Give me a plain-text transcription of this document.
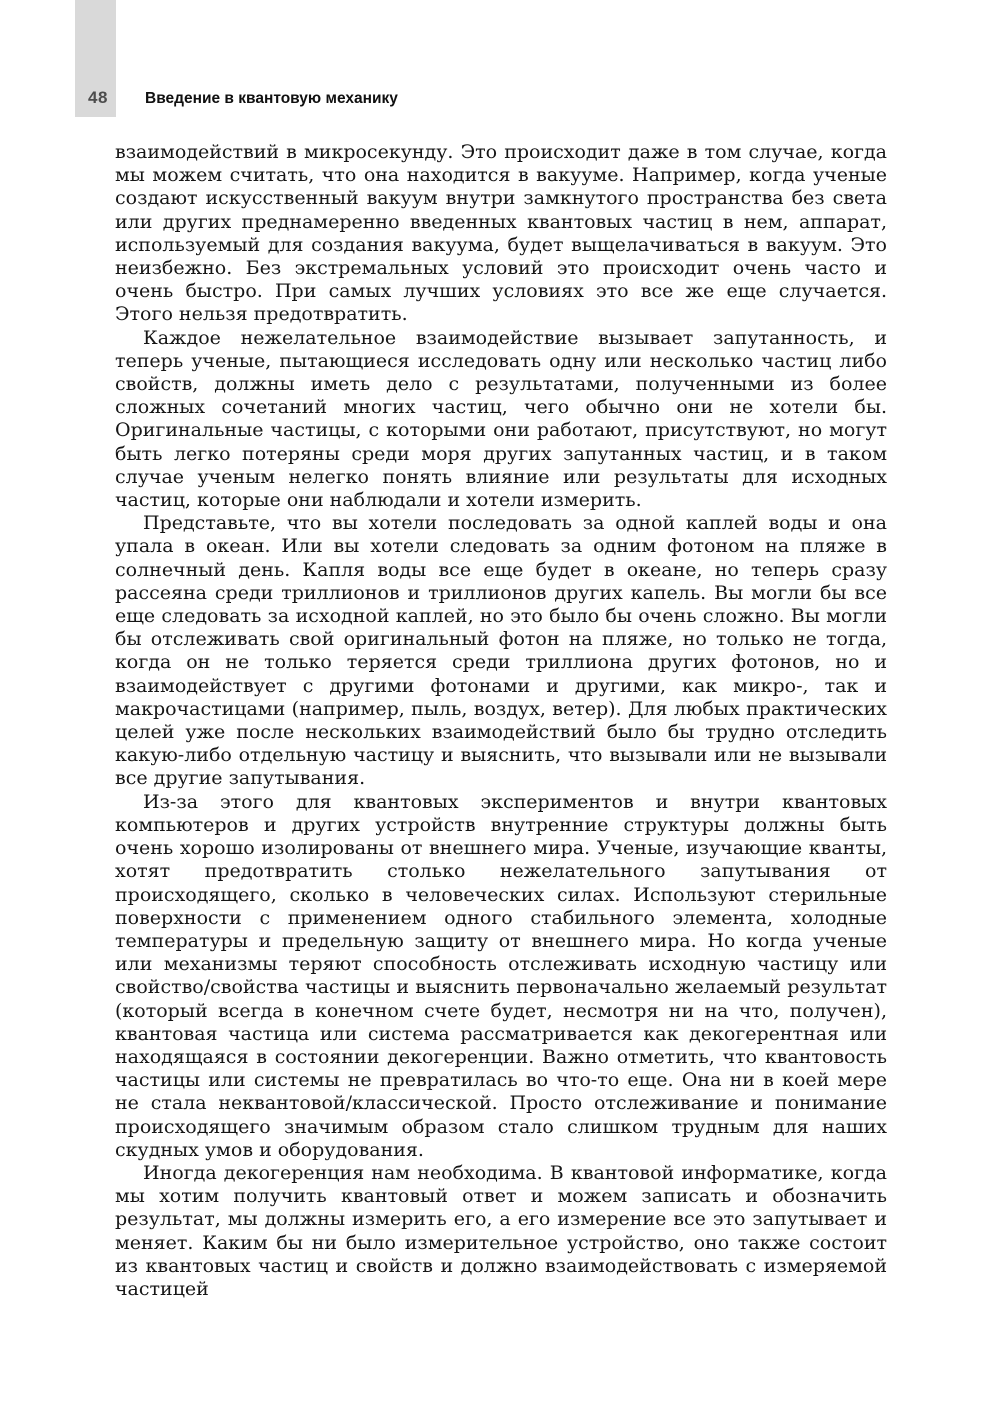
48 Введение в квантовую механику

взаимодействий в микросекунду. Это происходит даже в том случае, когда мы можем считать, что она находится в вакууме. Например, когда ученые создают искусственный вакуум внутри замкнутого пространства без света или других преднамеренно введенных квантовых частиц в нем, аппарат, используемый для создания вакуума, будет выщелачиваться в вакуум. Это неизбежно. Без экстремальных условий это происходит очень часто и очень быстро. При самых лучших условиях это все же еще случается. Этого нельзя предотвратить.

Каждое нежелательное взаимодействие вызывает запутанность, и теперь ученые, пытающиеся исследовать одну или несколько частиц либо свойств, должны иметь дело с результатами, полученными из более сложных сочетаний многих частиц, чего обычно они не хотели бы. Оригинальные частицы, с которыми они работают, присутствуют, но могут быть легко потеряны среди моря других запутанных частиц, и в таком случае ученым нелегко понять влияние или результаты для исходных частиц, которые они наблюдали и хотели измерить.

Представьте, что вы хотели последовать за одной каплей воды и она упала в океан. Или вы хотели следовать за одним фотоном на пляже в солнечный день. Капля воды все еще будет в океане, но теперь сразу рассеяна среди триллионов и триллионов других капель. Вы могли бы все еще следовать за исходной каплей, но это было бы очень сложно. Вы могли бы отслеживать свой оригинальный фотон на пляже, но только не тогда, когда он не только теряется среди триллиона других фотонов, но и взаимодействует с другими фотонами и другими, как микро-, так и макрочастицами (например, пыль, воздух, ветер). Для любых практических целей уже после нескольких взаимодействий было бы трудно отследить какую-либо отдельную частицу и выяснить, что вызывали или не вызывали все другие запутывания.

Из-за этого для квантовых экспериментов и внутри квантовых компьютеров и других устройств внутренние структуры должны быть очень хорошо изолированы от внешнего мира. Ученые, изучающие кванты, хотят предотвратить столько нежелательного запутывания от происходящего, сколько в человеческих силах. Используют стерильные поверхности с применением одного стабильного элемента, холодные температуры и предельную защиту от внешнего мира. Но когда ученые или механизмы теряют способность отслеживать исходную частицу или свойство/свойства частицы и выяснить первоначально желаемый результат (который всегда в конечном счете будет, несмотря ни на что, получен), квантовая частица или система рассматривается как декогерентная или находящаяся в состоянии декогеренции. Важно отметить, что квантовость частицы или системы не превратилась во что-то еще. Она ни в коей мере не стала неквантовой/классической. Просто отслеживание и понимание происходящего значимым образом стало слишком трудным для наших скудных умов и оборудования.

Иногда декогеренция нам необходима. В квантовой информатике, когда мы хотим получить квантовый ответ и можем записать и обозначить результат, мы должны измерить его, а его измерение все это запутывает и меняет. Каким бы ни было измерительное устройство, оно также состоит из квантовых частиц и свойств и должно взаимодействовать с измеряемой частицей
